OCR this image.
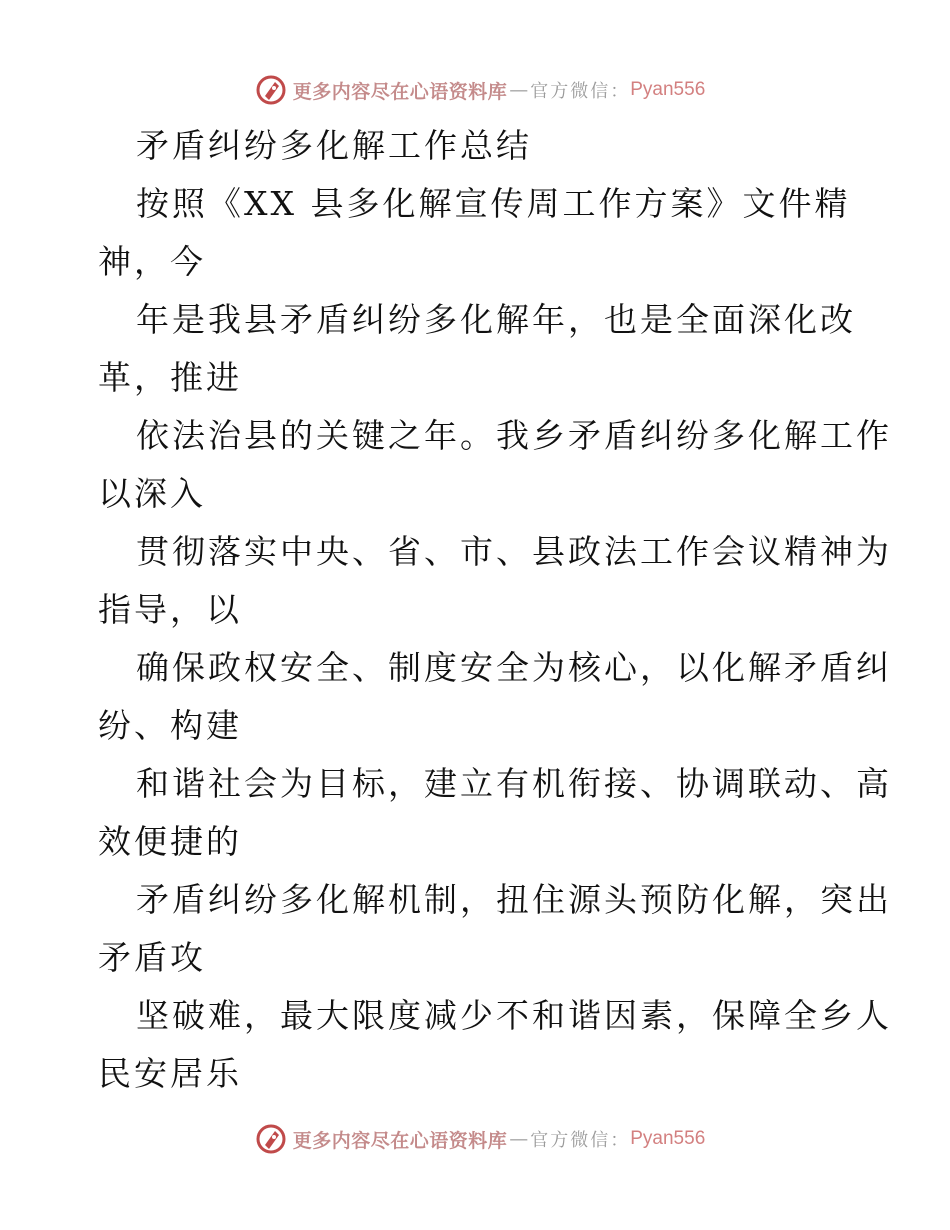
更多内容尽在心语资料库 — 官方微信： Pyan556
矛盾纠纷多化解工作总结
按照《XX 县多化解宣传周工作方案》文件精
神，今
年是我县矛盾纠纷多化解年，也是全面深化改
革，推进
依法治县的关键之年。我乡矛盾纠纷多化解工作
以深入
贯彻落实中央、省、市、县政法工作会议精神为
指导，以
确保政权安全、制度安全为核心，以化解矛盾纠
纷、构建
和谐社会为目标，建立有机衔接、协调联动、高
效便捷的
矛盾纠纷多化解机制，扭住源头预防化解，突出
矛盾攻
坚破难，最大限度减少不和谐因素，保障全乡人
民安居乐
更多内容尽在心语资料库 — 官方微信： Pyan556
